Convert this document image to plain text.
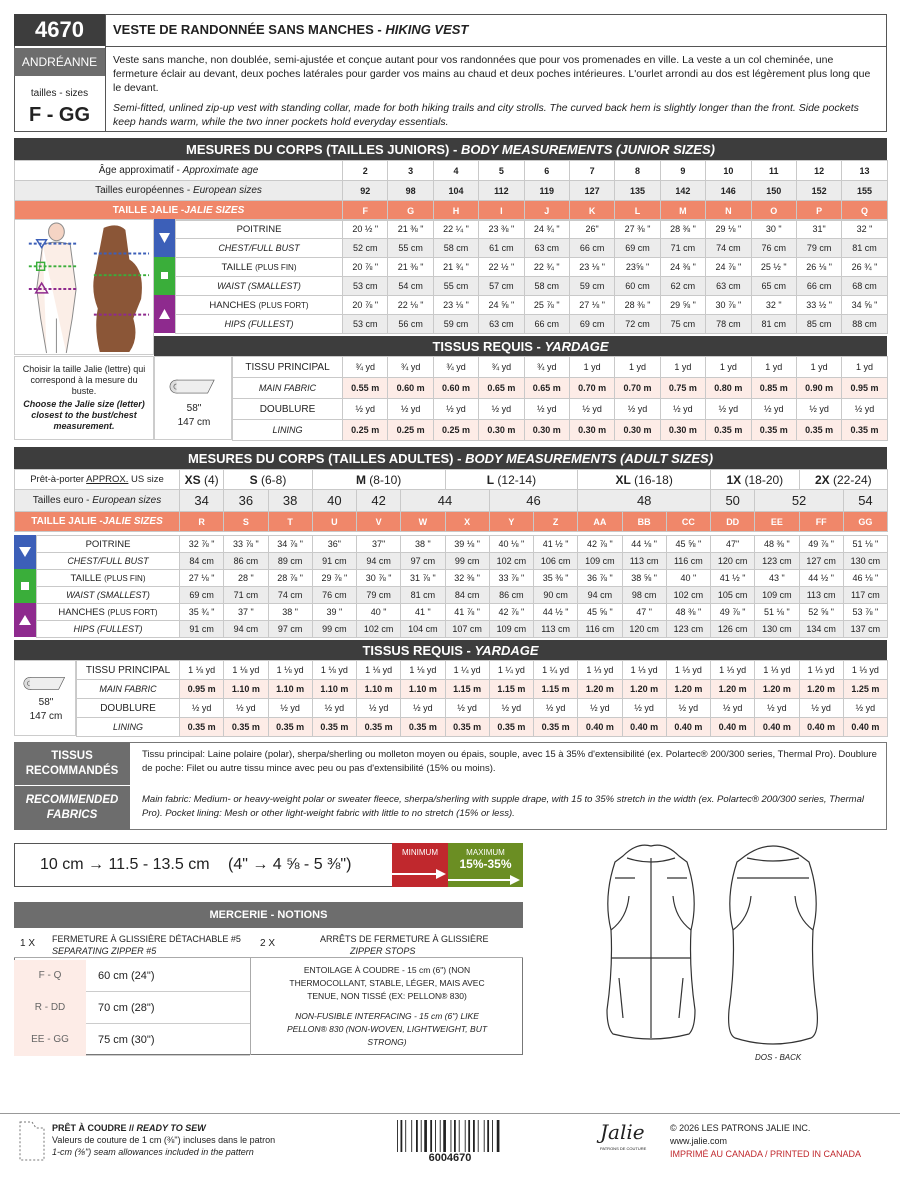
4670
ANDRÉANNE
tailles - sizes
F - GG
VESTE DE RANDONNÉE SANS MANCHES - HIKING VEST
Veste sans manche, non doublée, semi-ajustée et conçue autant pour vos randonnées que pour vos promenades en ville. La veste a un col cheminée, une fermeture éclair au devant, deux poches latérales pour garder vos mains au chaud et deux poches intérieures. L'ourlet arrondi au dos est légèrement plus long que le devant.
Semi-fitted, unlined zip-up vest with standing collar, made for both hiking trails and city strolls. The curved back hem is slightly longer than the front. Side pockets keep hands warm, while the two inner pockets hold everyday essentials.
MESURES DU CORPS (TAILLES JUNIORS) -
BODY MEASUREMENTS (JUNIOR SIZES)
Âge approximatif - Approximate age	2	3	4	5	6	7	8	9	10	11	12	13
Tailles européennes - European sizes	92	98	104	112	119	127	135	142	146	150	152	155
TAILLE JALIE -JALIE SIZES	F	G	H	I	J	K	L	M	N	O	P	Q
POITRINE	20 ½ "	21 ⅜ "	22 ¼ "	23 ⅜ "	24 ¾ "	26"	27 ⅜ "	28 ⅜ "	29 ⅛ "	30 "	31"	32 "
CHEST/FULL BUST	52 cm	55 cm	58 cm	61 cm	63 cm	66 cm	69 cm	71 cm	74 cm	76 cm	79 cm	81 cm
TAILLE (PLUS FIN)	20 ⅞ "	21 ⅜ "	21 ¾ "	22 ½ "	22 ¾ "	23 ⅛ "	23⅝ "	24 ⅜ "	24 ⅞ "	25 ½ "	26 ⅛ "	26 ¾ "
WAIST (SMALLEST)	53 cm	54 cm	55 cm	57 cm	58 cm	59 cm	60 cm	62 cm	63 cm	65 cm	66 cm	68 cm
HANCHES (PLUS FORT)	20 ⅞ "	22 ⅛ "	23 ⅛ "	24 ⅝ "	25 ⅞ "	27 ⅛ "	28 ⅜ "	29 ⅝ "	30 ⅞ "	32 "	33 ½ "	34 ⅝ "
HIPS (FULLEST)	53 cm	56 cm	59 cm	63 cm	66 cm	69 cm	72 cm	75 cm	78 cm	81 cm	85 cm	88 cm
TISSUS REQUIS -
YARDAGE
Choisir la taille Jalie (lettre) qui correspond à la mesure du buste.
Choose the Jalie size (letter) closest to the bust/chest measurement.
58"
147 cm
TISSU PRINCIPAL	¾ yd	¾ yd	¾ yd	¾ yd	¾ yd	1 yd	1 yd	1 yd	1 yd	1 yd	1 yd	1 yd
MAIN FABRIC	0.55 m	0.60 m	0.60 m	0.65 m	0.65 m	0.70 m	0.70 m	0.75 m	0.80 m	0.85 m	0.90 m	0.95 m
DOUBLURE	½ yd	½ yd	½ yd	½ yd	½ yd	½ yd	½ yd	½ yd	½ yd	½ yd	½ yd	½ yd
LINING	0.25 m	0.25 m	0.25 m	0.30 m	0.30 m	0.30 m	0.30 m	0.30 m	0.35 m	0.35 m	0.35 m	0.35 m
MESURES DU CORPS (TAILLES ADULTES) -
BODY MEASUREMENTS (ADULT SIZES)
Prêt-à-porter APPROX. US size	XS (4)	S (6-8)		M (8-10)			L (12-14)			XL (16-18)			1X (18-20)		2X (22-24)		
Tailles euro - European sizes	34	36	38	40	42	44		46		48			50	52		54	
TAILLE JALIE -JALIE SIZES	R	S	T	U	V	W	X	Y	Z	AA	BB	CC	DD	EE	FF	GG	
POITRINE	32 ⅞ "	33 ⅞ "	34 ⅞ "	36"	37"	38 "	39 ⅛ "	40 ⅛ "	41 ½ "	42 ⅞ "	44 ⅛ "	45 ⅝ "	47"	48 ⅜ "	49 ⅞ "	51 ⅛ "
CHEST/FULL BUST	84 cm	86 cm	89 cm	91 cm	94 cm	97 cm	99 cm	102 cm	106 cm	109 cm	113 cm	116 cm	120 cm	123 cm	127 cm	130 cm
TAILLE (PLUS FIN)	27 ⅛ "	28 "	28 ⅞ "	29 ⅞ "	30 ⅞ "	31 ⅞ "	32 ⅜ "	33 ⅞ "	35 ⅜ "	36 ⅞ "	38 ⅝ "	40 "	41 ½ "	43 "	44 ½ "	46 ⅛ "
WAIST (SMALLEST)	69 cm	71 cm	74 cm	76 cm	79 cm	81 cm	84 cm	86 cm	90 cm	94 cm	98 cm	102 cm	105 cm	109 cm	113 cm	117 cm
HANCHES (PLUS FORT)	35 ¾ "	37 "	38 "	39 "	40 "	41 "	41 ⅞ "	42 ⅞ "	44 ½ "	45 ⅝ "	47 "	48 ⅜ "	49 ⅞ "	51 ⅛ "	52 ⅝ "	53 ⅞ "
HIPS (FULLEST)	91 cm	94 cm	97 cm	99 cm	102 cm	104 cm	107 cm	109 cm	113 cm	116 cm	120 cm	123 cm	126 cm	130 cm	134 cm	137 cm
TISSUS REQUIS -
YARDAGE
58"
147 cm
TISSU PRINCIPAL	1 ⅛ yd	1 ⅛ yd	1 ⅛ yd	1 ⅛ yd	1 ⅛ yd	1 ⅛ yd	1 ¼ yd	1 ¼ yd	1 ¼ yd	1 ⅓ yd	1 ⅓ yd	1 ⅓ yd	1 ⅓ yd	1 ⅓ yd	1 ⅓ yd	1 ⅓ yd
MAIN FABRIC	0.95 m	1.10 m	1.10 m	1.10 m	1.10 m	1.10 m	1.15 m	1.15 m	1.15 m	1.20 m	1.20 m	1.20 m	1.20 m	1.20 m	1.20 m	1.25 m
DOUBLURE	½ yd	½ yd	½ yd	½ yd	½ yd	½ yd	½ yd	½ yd	½ yd	½ yd	½ yd	½ yd	½ yd	½ yd	½ yd	½ yd
LINING	0.35 m	0.35 m	0.35 m	0.35 m	0.35 m	0.35 m	0.35 m	0.35 m	0.35 m	0.40 m	0.40 m	0.40 m	0.40 m	0.40 m	0.40 m	0.40 m
TISSUS RECOMMANDÉS
RECOMMENDED FABRICS
Tissu principal: Laine polaire (polar), sherpa/sherling ou molleton moyen ou épais, souple, avec 15 à 35% d'extensibilité (ex. Polartec® 200/300 series, Thermal Pro). Doublure de poche: Filet ou autre tissu mince avec peu ou pas d'extensibilité (15% ou moins).
Main fabric: Medium- or heavy-weight polar or sweater fleece, sherpa/sherling with supple drape, with 15 to 35% stretch in the width (ex. Polartec® 200/300 series, Thermal Pro). Pocket lining: Mesh or other light-weight fabric with little to no stretch (15% or less).
10 cm → 11.5 - 13.5 cm (4" → 4 ⅝ - 5 ⅜")
MINIMUM	MAXIMUM
15%-35%
MERCERIE - NOTIONS
1 X FERMETURE À GLISSIÈRE DÉTACHABLE #5
SEPARATING ZIPPER #5
2 X	ARRÊTS DE FERMETURE À GLISSIÈRE
ZIPPER STOPS
F - Q	60 cm (24")
R - DD	70 cm (28")
EE - GG	75 cm (30")
ENTOILAGE À COUDRE - 15 cm (6") (NON THERMOCOLLANT, STABLE, LÉGER, MAIS AVEC TENUE, NON TISSÉ (EX: PELLON® 830)
NON-FUSIBLE INTERFACING - 15 cm (6") LIKE PELLON® 830 (NON-WOVEN, LIGHTWEIGHT, BUT STRONG)
DOS - BACK
PRÊT À COUDRE // READY TO SEW
Valeurs de couture de 1 cm (⅜") incluses dans le patron
1-cm (⅜") seam allowances included in the pattern	6004670
Jalie
PATRONS DE COUTURE
© 2026 LES PATRONS JALIE INC.
www.jalie.com
IMPRIMÉ AU CANADA / PRINTED IN CANADA
